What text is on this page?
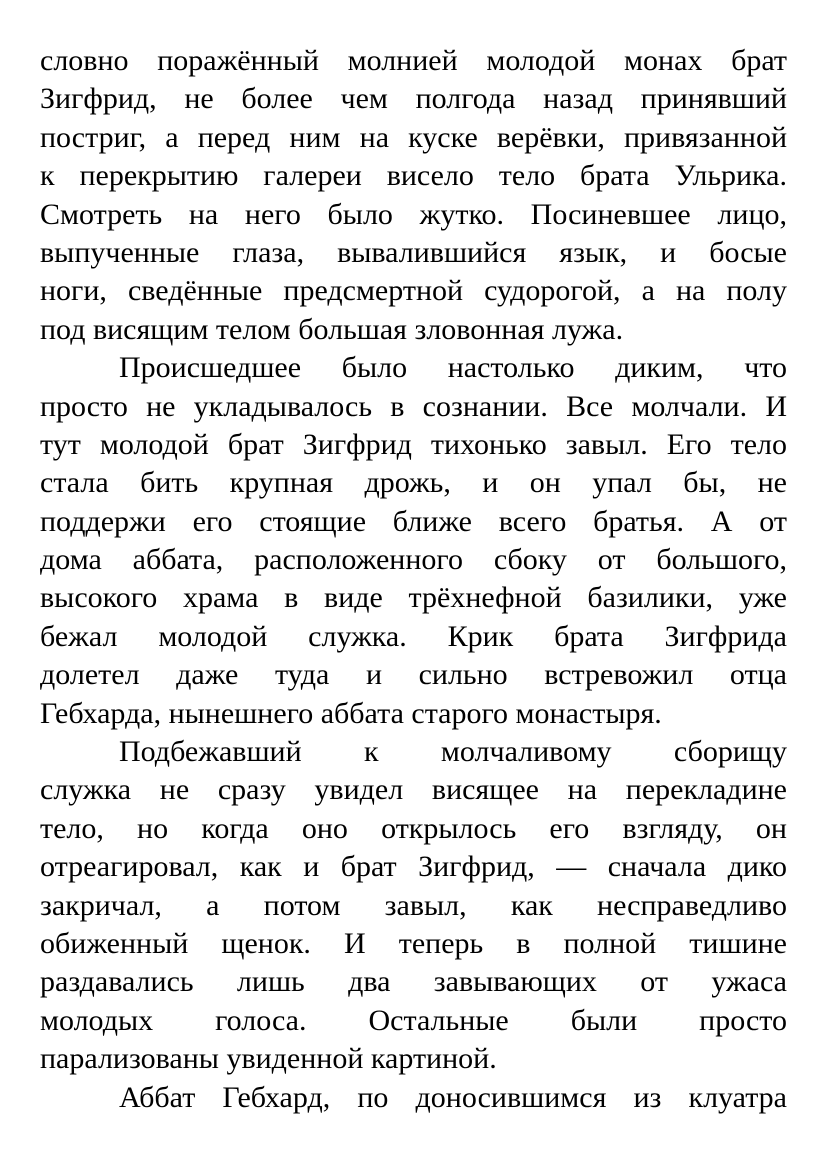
словно поражённый молнией молодой монах брат
Зигфрид, не более чем полгода назад принявший
постриг, а перед ним на куске верёвки, привязанной
к перекрытию галереи висело тело брата Ульрика.
Смотреть на него было жутко. Посиневшее лицо,
выпученные глаза, вывалившийся язык, и босые
ноги, сведённые предсмертной судорогой, а на полу
под висящим телом большая зловонная лужа.

Происшедшее было настолько диким, что
просто не укладывалось в сознании. Все молчали. И
тут молодой брат Зигфрид тихонько завыл. Его тело
стала бить крупная дрожь, и он упал бы, не
поддержи его стоящие ближе всего братья. А от
дома аббата, расположенного сбоку от большого,
высокого храма в виде трёхнефной базилики, уже
бежал молодой служка. Крик брата Зигфрида
долетел даже туда и сильно встревожил отца
Гебхарда, нынешнего аббата старого монастыря.

Подбежавший к молчаливому сборищу
служка не сразу увидел висящее на перекладине
тело, но когда оно открылось его взгляду, он
отреагировал, как и брат Зигфрид, — сначала дико
закричал, а потом завыл, как несправедливо
обиженный щенок. И теперь в полной тишине
раздавались лишь два завывающих от ужаса
молодых голоса. Остальные были просто
парализованы увиденной картиной.

Аббат Гебхард, по доносившимся из клуатра
